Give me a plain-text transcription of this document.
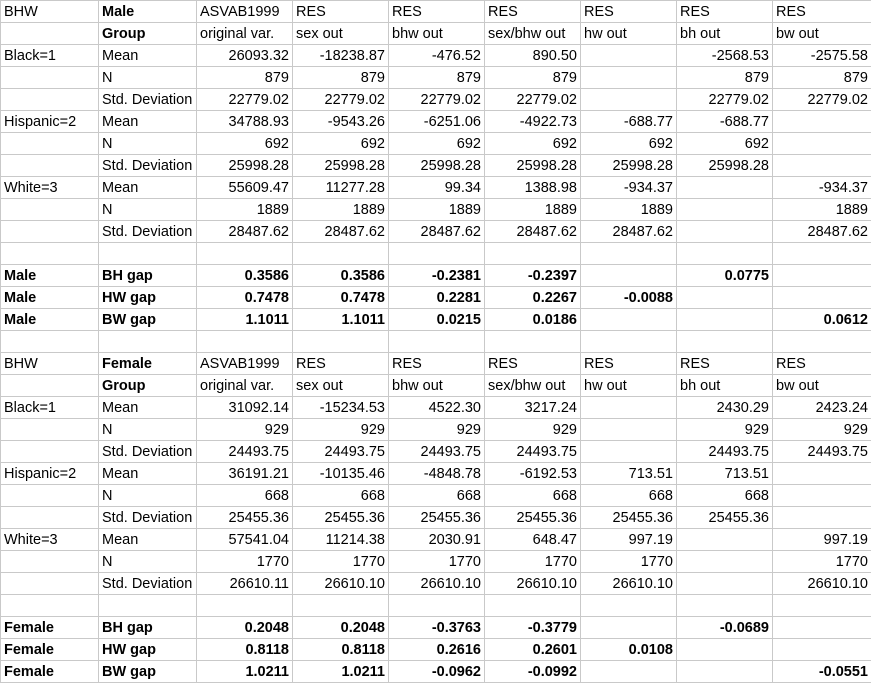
BHW	Male	ASVAB1999	RES	RES	RES	RES	RES	RES
	Group	original var.	sex out	bhw out	sex/bhw out	hw out	bh out	bw out
Black=1	Mean	26093.32	-18238.87	-476.52	890.50		-2568.53	-2575.58
	N	879	879	879	879		879	879
	Std. Deviation	22779.02	22779.02	22779.02	22779.02		22779.02	22779.02
Hispanic=2	Mean	34788.93	-9543.26	-6251.06	-4922.73	-688.77	-688.77	
	N	692	692	692	692	692	692	
	Std. Deviation	25998.28	25998.28	25998.28	25998.28	25998.28	25998.28	
White=3	Mean	55609.47	11277.28	99.34	1388.98	-934.37		-934.37
	N	1889	1889	1889	1889	1889		1889
	Std. Deviation	28487.62	28487.62	28487.62	28487.62	28487.62		28487.62

Male	BH gap	0.3586	0.3586	-0.2381	-0.2397		0.0775	
Male	HW gap	0.7478	0.7478	0.2281	0.2267	-0.0088		
Male	BW gap	1.1011	1.1011	0.0215	0.0186			0.0612

BHW	Female	ASVAB1999	RES	RES	RES	RES	RES	RES
	Group	original var.	sex out	bhw out	sex/bhw out	hw out	bh out	bw out
Black=1	Mean	31092.14	-15234.53	4522.30	3217.24		2430.29	2423.24
	N	929	929	929	929		929	929
	Std. Deviation	24493.75	24493.75	24493.75	24493.75		24493.75	24493.75
Hispanic=2	Mean	36191.21	-10135.46	-4848.78	-6192.53	713.51	713.51	
	N	668	668	668	668	668	668	
	Std. Deviation	25455.36	25455.36	25455.36	25455.36	25455.36	25455.36	
White=3	Mean	57541.04	11214.38	2030.91	648.47	997.19		997.19
	N	1770	1770	1770	1770	1770		1770
	Std. Deviation	26610.11	26610.10	26610.10	26610.10	26610.10		26610.10

Female	BH gap	0.2048	0.2048	-0.3763	-0.3779		-0.0689	
Female	HW gap	0.8118	0.8118	0.2616	0.2601	0.0108		
Female	BW gap	1.0211	1.0211	-0.0962	-0.0992			-0.0551
